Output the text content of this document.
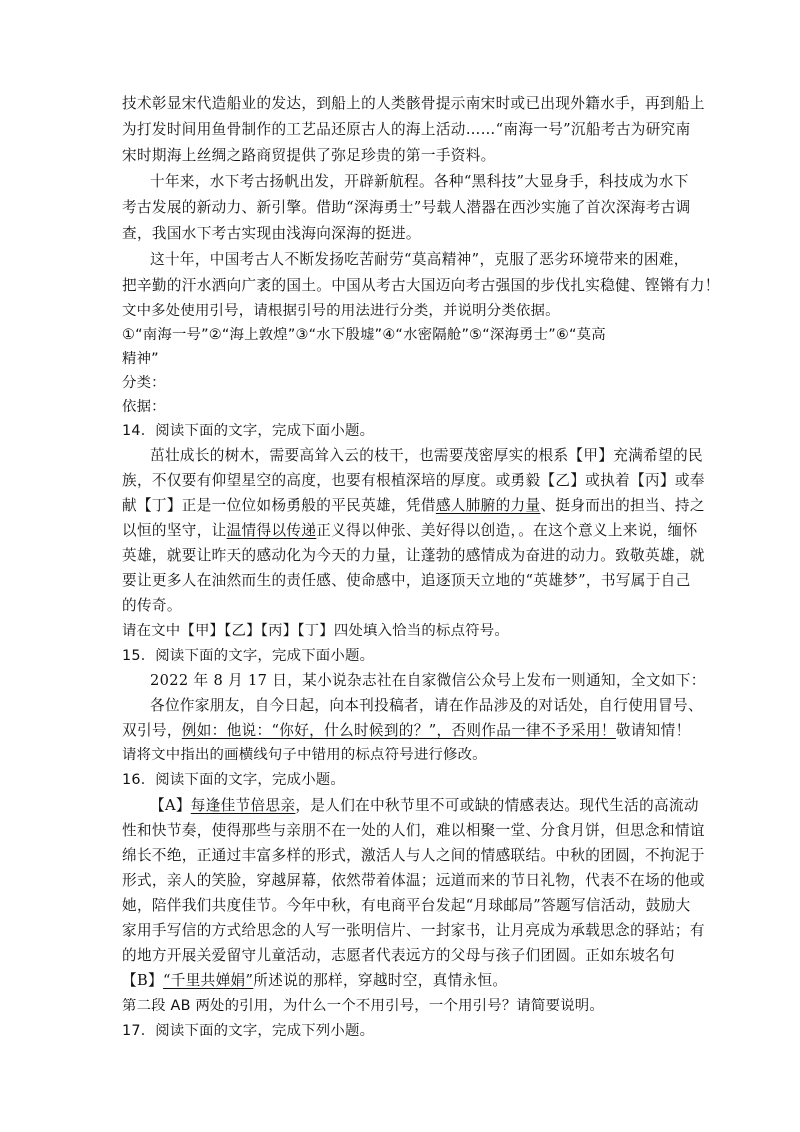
技术彰显宋代造船业的发达，到船上的人类骸骨提示南宋时或已出现外籍水手，再到船上
为打发时间用鱼骨制作的工艺品还原古人的海上活动……“南海一号”沉船考古为研究南
宋时期海上丝绸之路商贸提供了弥足珍贵的第一手资料。
十年来，水下考古扬帆出发，开辟新航程。各种“黑科技”大显身手，科技成为水下
考古发展的新动力、新引擎。借助“深海勇士”号载人潜器在西沙实施了首次深海考古调
查，我国水下考古实现由浅海向深海的挺进。
这十年，中国考古人不断发扬吃苦耐劳“莫高精神”，克服了恶劣环境带来的困难，
把辛勤的汗水洒向广袤的国土。中国从考古大国迈向考古强国的步伐扎实稳健、铿锵有力！
文中多处使用引号，请根据引号的用法进行分类，并说明分类依据。
①“南海一号”②“海上敦煌”③“水下殷墟”④“水密隔舱”⑤“深海勇士”⑥“莫高
精神”
分类：
依据：
14．阅读下面的文字，完成下面小题。
茁壮成长的树木，需要高耸入云的枝干，也需要茂密厚实的根系【甲】充满希望的民
族，不仅要有仰望星空的高度，也要有根植深培的厚度。或勇毅【乙】或执着【丙】或奉
献【丁】正是一位位如杨勇般的平民英雄，凭借感人肺腑的力量、挺身而出的担当、持之
以恒的坚守，让温情得以传递正义得以伸张、美好得以创造，。在这个意义上来说，缅怀
英雄，就要让昨天的感动化为今天的力量，让蓬勃的感情成为奋进的动力。致敬英雄，就
要让更多人在油然而生的责任感、使命感中，追逐顶天立地的“英雄梦”，书写属于自己
的传奇。
请在文中【甲】【乙】【丙】【丁】四处填入恰当的标点符号。
15．阅读下面的文字，完成下面小题。
2022 年 8 月 17 日，某小说杂志社在自家微信公众号上发布一则通知，全文如下：
各位作家朋友，自今日起，向本刊投稿者，请在作品涉及的对话处，自行使用冒号、
双引号，例如：他说：“你好，什么时候到的？”，否则作品一律不予采用！敬请知情！
请将文中指出的画横线句子中错用的标点符号进行修改。
16．阅读下面的文字，完成小题。
【A】每逢佳节倍思亲，是人们在中秋节里不可或缺的情感表达。现代生活的高流动
性和快节奏，使得那些与亲朋不在一处的人们，难以相聚一堂、分食月饼，但思念和情谊
绵长不绝，正通过丰富多样的形式，激活人与人之间的情感联结。中秋的团圆，不拘泥于
形式，亲人的笑脸，穿越屏幕，依然带着体温；远道而来的节日礼物，代表不在场的他或
她，陪伴我们共度佳节。今年中秋，有电商平台发起“月球邮局”答题写信活动，鼓励大
家用手写信的方式给思念的人写一张明信片、一封家书，让月亮成为承载思念的驿站；有
的地方开展关爱留守儿童活动，志愿者代表远方的父母与孩子们团圆。正如东坡名句
【B】“千里共婵娟”所述说的那样，穿越时空，真情永恒。
第二段 AB 两处的引用，为什么一个不用引号，一个用引号？请简要说明。
17．阅读下面的文字，完成下列小题。
